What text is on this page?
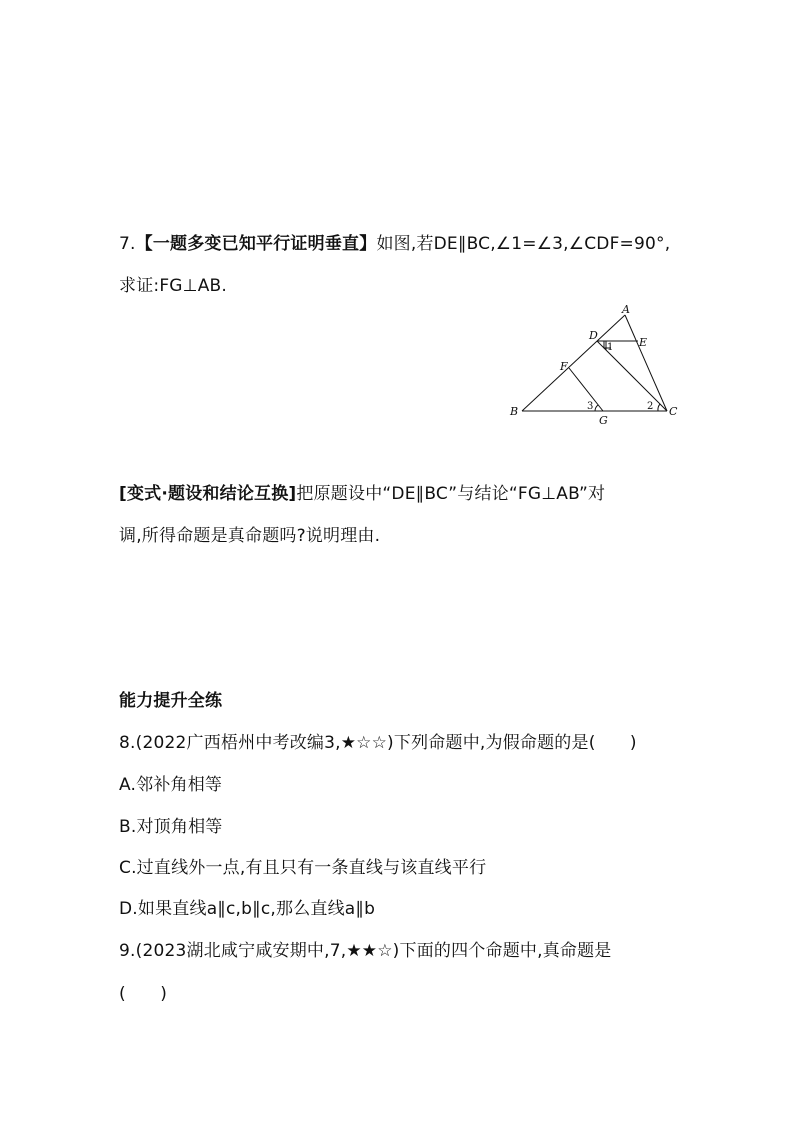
7.【一题多变已知平行证明垂直】如图,若DE∥BC,∠1=∠3,∠CDF=90°,
求证:FG⊥AB.
A
B	C
D
E
F
G
1
2
3
[变式·题设和结论互换]把原题设中“DE∥BC”与结论“FG⊥AB”对
调,所得命题是真命题吗?说明理由.
能力提升全练
8.(2022广西梧州中考改编3,★☆☆)下列命题中,为假命题的是(　　)
A.邻补角相等
B.对顶角相等
C.过直线外一点,有且只有一条直线与该直线平行
D.如果直线a∥c,b∥c,那么直线a∥b
9.(2023湖北咸宁咸安期中,7,★★☆)下面的四个命题中,真命题是
(　　)
